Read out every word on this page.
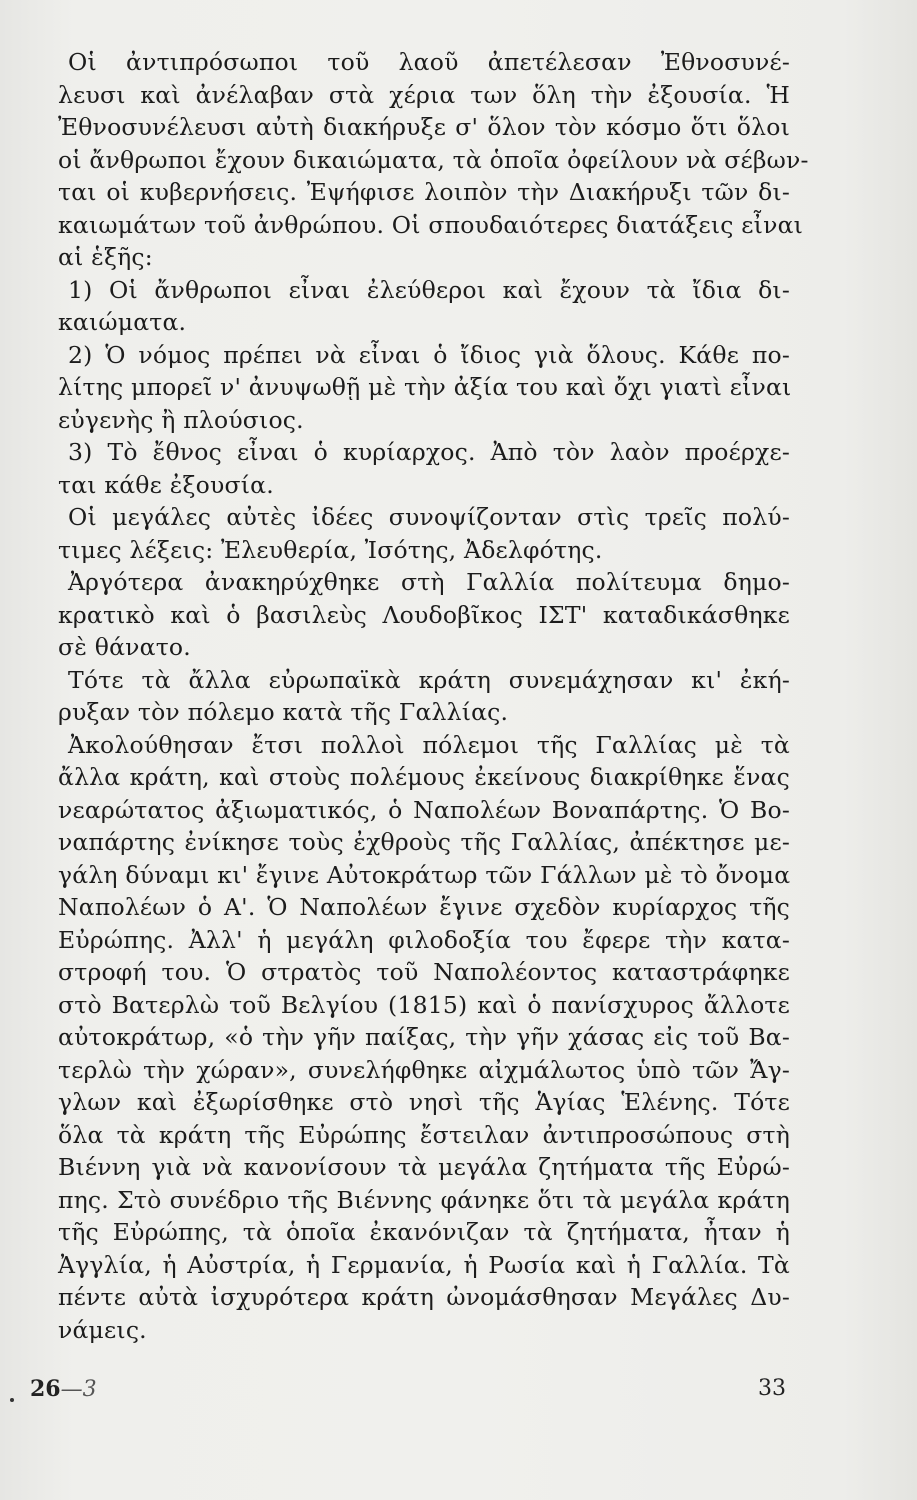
Οἱ ἀντιπρόσωποι τοῦ λαοῦ ἀπετέλεσαν Ἐθνοσυνέ-
λευσι καὶ ἀνέλαβαν στὰ χέρια των ὅλη τὴν ἐξουσία. Ἡ
Ἐθνοσυνέλευσι αὐτὴ διακήρυξε σ' ὅλον τὸν κόσμο ὅτι ὅλοι
οἱ ἄνθρωποι ἔχουν δικαιώματα, τὰ ὁποῖα ὀφείλουν νὰ σέβων-
ται οἱ κυβερνήσεις. Ἐψήφισε λοιπὸν τὴν Διακήρυξι τῶν δι-
καιωμάτων τοῦ ἀνθρώπου. Οἱ σπουδαιότερες διατάξεις εἶναι
αἱ ἑξῆς:
1) Οἱ ἄνθρωποι εἶναι ἐλεύθεροι καὶ ἔχουν τὰ ἴδια δι-
καιώματα.
2) Ὁ νόμος πρέπει νὰ εἶναι ὁ ἴδιος γιὰ ὅλους. Κάθε πο-
λίτης μπορεῖ ν' ἀνυψωθῇ μὲ τὴν ἀξία του καὶ ὄχι γιατὶ εἶναι
εὐγενὴς ἢ πλούσιος.
3) Τὸ ἔθνος εἶναι ὁ κυρίαρχος. Ἀπὸ τὸν λαὸν προέρχε-
ται κάθε ἐξουσία.
Οἱ μεγάλες αὐτὲς ἰδέες συνοψίζονταν στὶς τρεῖς πολύ-
τιμες λέξεις: Ἐλευθερία, Ἰσότης, Ἀδελφότης.
Ἀργότερα ἀνακηρύχθηκε στὴ Γαλλία πολίτευμα δημο-
κρατικὸ καὶ ὁ βασιλεὺς Λουδοβῖκος ΙΣΤ' καταδικάσθηκε
σὲ θάνατο.
Τότε τὰ ἄλλα εὐρωπαϊκὰ κράτη συνεμάχησαν κι' ἐκή-
ρυξαν τὸν πόλεμο κατὰ τῆς Γαλλίας.
Ἀκολούθησαν ἔτσι πολλοὶ πόλεμοι τῆς Γαλλίας μὲ τὰ
ἄλλα κράτη, καὶ στοὺς πολέμους ἐκείνους διακρίθηκε ἕνας
νεαρώτατος ἀξιωματικός, ὁ Ναπολέων Βοναπάρτης. Ὁ Βο-
ναπάρτης ἐνίκησε τοὺς ἐχθροὺς τῆς Γαλλίας, ἀπέκτησε με-
γάλη δύναμι κι' ἔγινε Αὐτοκράτωρ τῶν Γάλλων μὲ τὸ ὄνομα
Ναπολέων ὁ Α'. Ὁ Ναπολέων ἔγινε σχεδὸν κυρίαρχος τῆς
Εὐρώπης. Ἀλλ' ἡ μεγάλη φιλοδοξία του ἔφερε τὴν κατα-
στροφή του. Ὁ στρατὸς τοῦ Ναπολέοντος καταστράφηκε
στὸ Βατερλὼ τοῦ Βελγίου (1815) καὶ ὁ πανίσχυρος ἄλλοτε
αὐτοκράτωρ, «ὁ τὴν γῆν παίξας, τὴν γῆν χάσας εἰς τοῦ Βα-
τερλὼ τὴν χώραν», συνελήφθηκε αἰχμάλωτος ὑπὸ τῶν Ἄγ-
γλων καὶ ἐξωρίσθηκε στὸ νησὶ τῆς Ἁγίας Ἑλένης. Τότε
ὅλα τὰ κράτη τῆς Εὐρώπης ἔστειλαν ἀντιπροσώπους στὴ
Βιέννη γιὰ νὰ κανονίσουν τὰ μεγάλα ζητήματα τῆς Εὐρώ-
πης. Στὸ συνέδριο τῆς Βιέννης φάνηκε ὅτι τὰ μεγάλα κράτη
τῆς Εὐρώπης, τὰ ὁποῖα ἐκανόνιζαν τὰ ζητήματα, ἦταν ἡ
Ἀγγλία, ἡ Αὐστρία, ἡ Γερμανία, ἡ Ρωσία καὶ ἡ Γαλλία. Τὰ
πέντε αὐτὰ ἰσχυρότερα κράτη ὠνομάσθησαν Μεγάλες Δυ-
νάμεις.
26—3	33
